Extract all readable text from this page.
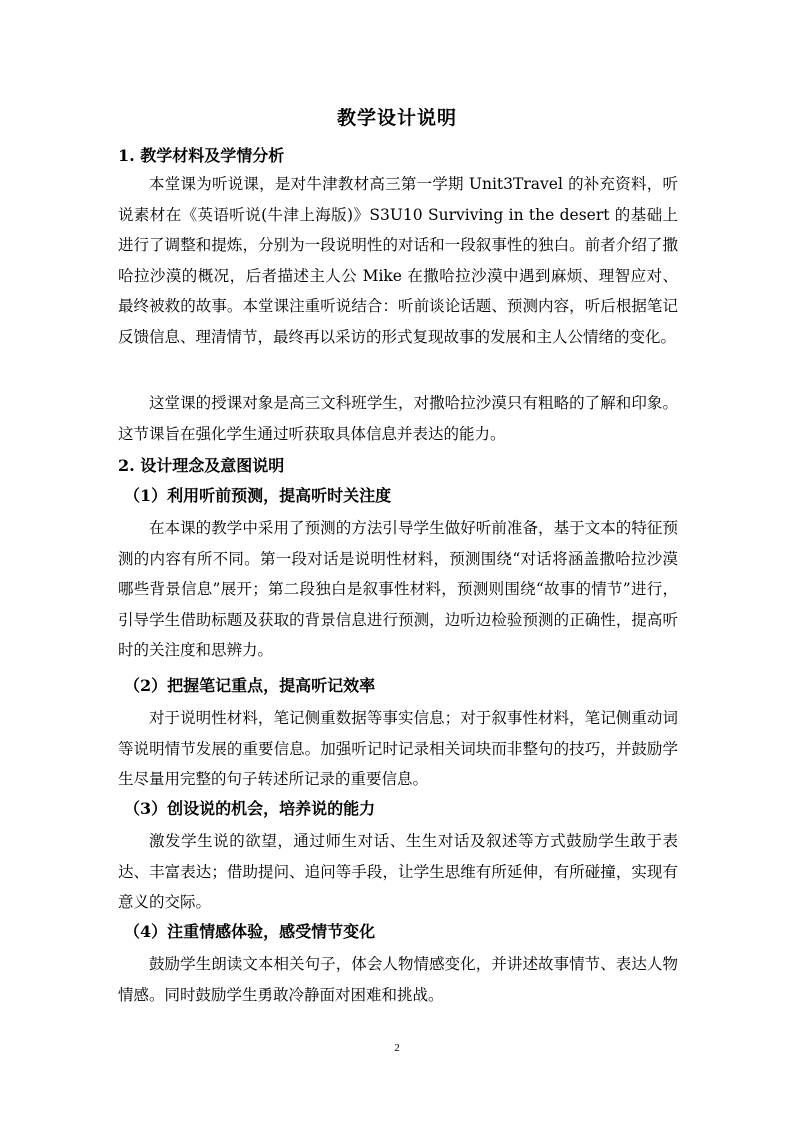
教学设计说明
1. 教学材料及学情分析

本堂课为听说课，是对牛津教材高三第一学期 Unit3Travel 的补充资料，听说素材在《英语听说(牛津上海版)》S3U10 Surviving in the desert 的基础上进行了调整和提炼，分别为一段说明性的对话和一段叙事性的独白。前者介绍了撒哈拉沙漠的概况，后者描述主人公 Mike 在撒哈拉沙漠中遇到麻烦、理智应对、最终被救的故事。本堂课注重听说结合：听前谈论话题、预测内容，听后根据笔记反馈信息、理清情节，最终再以采访的形式复现故事的发展和主人公情绪的变化。

这堂课的授课对象是高三文科班学生，对撒哈拉沙漠只有粗略的了解和印象。这节课旨在强化学生通过听获取具体信息并表达的能力。

2. 设计理念及意图说明
（1）利用听前预测，提高听时关注度

在本课的教学中采用了预测的方法引导学生做好听前准备，基于文本的特征预测的内容有所不同。第一段对话是说明性材料，预测围绕“对话将涵盖撒哈拉沙漠哪些背景信息”展开；第二段独白是叙事性材料，预测则围绕“故事的情节”进行，引导学生借助标题及获取的背景信息进行预测，边听边检验预测的正确性，提高听时的关注度和思辨力。

（2）把握笔记重点，提高听记效率

对于说明性材料，笔记侧重数据等事实信息；对于叙事性材料，笔记侧重动词等说明情节发展的重要信息。加强听记时记录相关词块而非整句的技巧，并鼓励学生尽量用完整的句子转述所记录的重要信息。

（3）创设说的机会，培养说的能力

激发学生说的欲望，通过师生对话、生生对话及叙述等方式鼓励学生敢于表达、丰富表达；借助提问、追问等手段，让学生思维有所延伸，有所碰撞，实现有意义的交际。

（4）注重情感体验，感受情节变化

鼓励学生朗读文本相关句子，体会人物情感变化，并讲述故事情节、表达人物情感。同时鼓励学生勇敢冷静面对困难和挑战。

2
